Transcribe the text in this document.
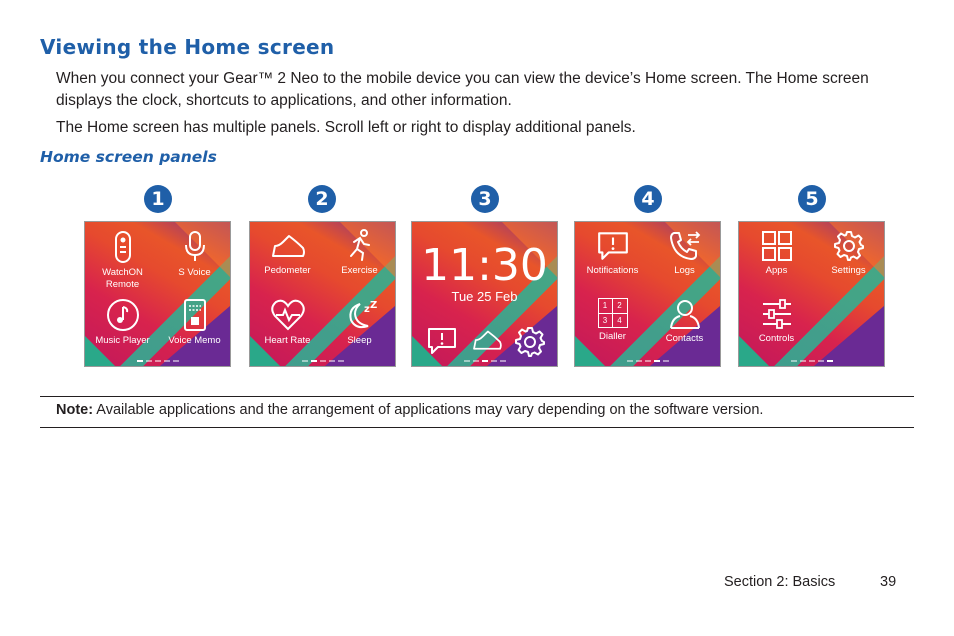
Viewing the Home screen
When you connect your Gear™ 2 Neo to the mobile device you can view the device’s Home screen. The Home screen displays the clock, shortcuts to applications, and other information.
The Home screen has multiple panels. Scroll left or right to display additional panels.
Home screen panels
1	2	3	4	5
WatchON Remote
S Voice
Music Player	Voice Memo
Pedometer	Exercise
Heart Rate
z Z
Sleep
11:30
Tue 25 Feb
Notifications	Logs
1	2
3	4
Dialler	Contacts
Apps	Settings
Controls
Note: Available applications and the arrangement of applications may vary depending on the software version.
Section 2: Basics	39
